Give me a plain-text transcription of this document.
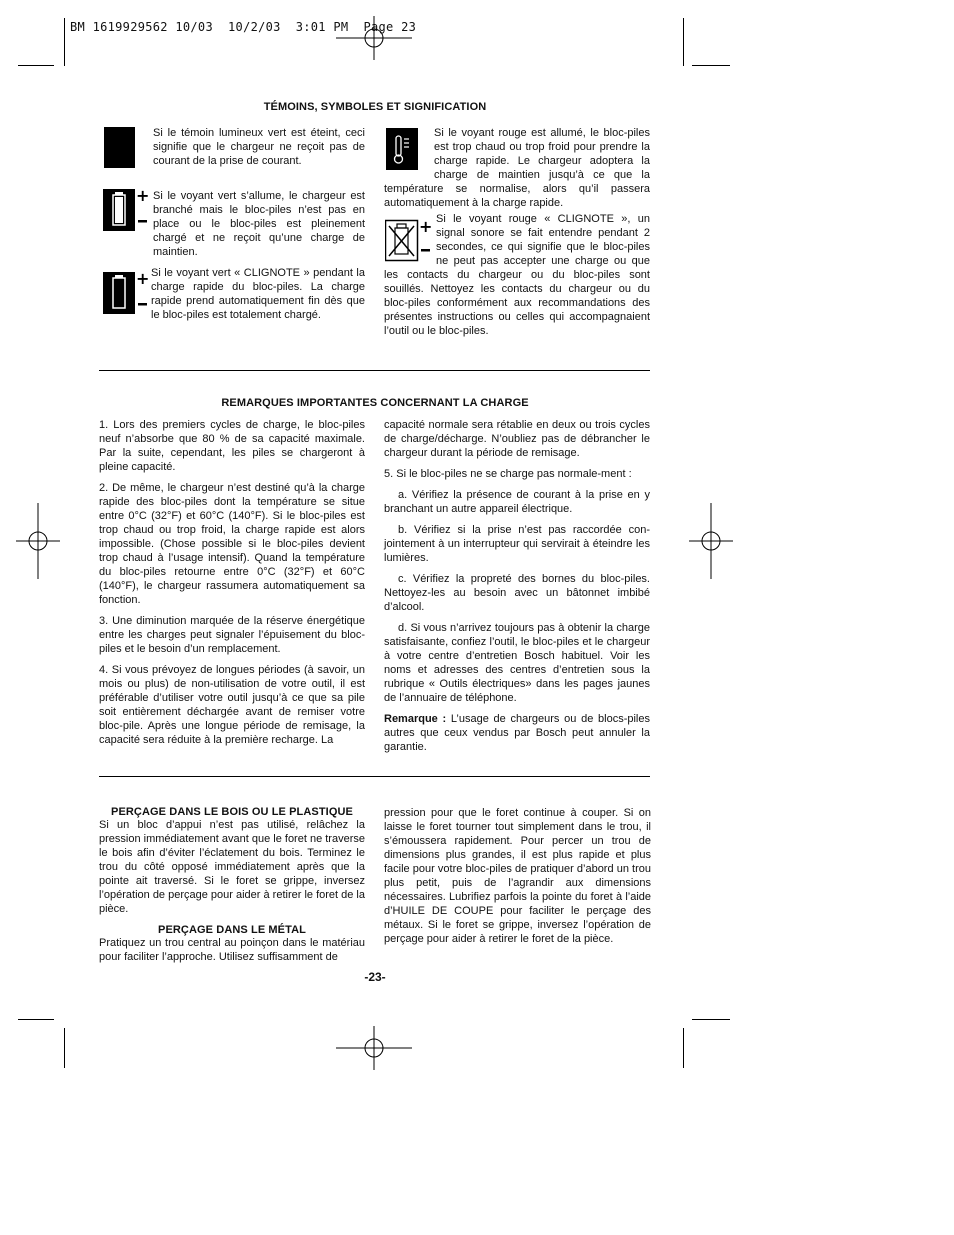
BM 1619929562 10/03  10/2/03  3:01 PM  Page 23
TÉMOINS, SYMBOLES ET SIGNIFICATION
+
+
+

Si le témoin lumineux vert est éteint, ceci signifie que le chargeur ne reçoit pas de courant de la prise de courant.

Si le voyant vert s’allume, le chargeur est branché mais le bloc-piles n’est pas en place ou le bloc-piles est pleinement chargé et ne reçoit qu’une charge de maintien.

Si le voyant vert « CLIGNOTE » pendant la charge rapide du bloc-piles. La charge rapide prend automatiquement fin dès que le bloc-piles est totalement chargé.

Si le voyant rouge est allumé, le bloc-piles est trop chaud ou trop froid pour prendre la charge rapide. Le chargeur adoptera la charge de maintien jusqu’à ce que la température se normalise, alors qu’il passera automatiquement à la charge rapide.

Si le voyant rouge « CLIGNOTE », un signal sonore se fait entendre pendant 2 secondes, ce qui signifie que le bloc-piles ne peut pas accepter une charge ou que les contacts du chargeur ou du bloc-piles sont souillés. Nettoyez les contacts du chargeur ou du bloc-piles conformément aux recommandations des présentes instructions ou celles qui accompagnaient l’outil ou le bloc-piles.

REMARQUES IMPORTANTES CONCERNANT LA CHARGE

1. Lors des premiers cycles de charge, le bloc-piles neuf n’absorbe que 80 % de sa capacité maximale. Par la suite, cependant, les piles se chargeront à pleine capacité.

2. De même, le chargeur n’est destiné qu’à la charge rapide des bloc-piles dont la température se situe entre 0°C (32°F) et 60°C (140°F). Si le bloc-piles est trop chaud ou trop froid, la charge rapide est alors impossible. (Chose possible si le bloc-piles devient trop chaud à l’usage intensif). Quand la température du bloc-piles retourne entre 0°C (32°F) et 60°C (140°F), le chargeur rassumera automatiquement sa fonction.

3. Une diminution marquée de la réserve énergétique entre les charges peut signaler l’épuisement du bloc-piles et le besoin d’un remplacement.

4. Si vous prévoyez de longues périodes (à savoir, un mois ou plus) de non-utilisation de votre outil, il est préférable d’utiliser votre outil jusqu’à ce que sa pile soit entièrement déchargée avant de remiser votre bloc-pile. Après une longue période de remisage, la capacité sera réduite à la première recharge. La

capacité normale sera rétablie en deux ou trois cycles de charge/décharge. N’oubliez pas de débrancher le chargeur durant la période de remisage.

5. Si le bloc-piles ne se charge pas normale-ment :

a. Vérifiez la présence de courant à la prise en y branchant un autre appareil électrique.

b. Vérifiez si la prise n’est pas raccordée con-jointement à un interrupteur qui servirait à éteindre les lumières.

c. Vérifiez la propreté des bornes du bloc-piles. Nettoyez-les au besoin avec un bâtonnet imbibé d’alcool.

d. Si vous n’arrivez toujours pas à obtenir la charge satisfaisante, confiez l’outil, le bloc-piles et le chargeur à votre centre d’entretien Bosch habituel. Voir les noms et adresses des centres d’entretien sous la rubrique « Outils électriques» dans les pages jaunes de l’annuaire de téléphone.

Remarque : L’usage de chargeurs ou de blocs-piles autres que ceux vendus par Bosch peut annuler la garantie.

PERÇAGE DANS LE BOIS OU LE PLASTIQUE

Si un bloc d’appui n’est pas utilisé, relâchez la pression immédiatement avant que le foret ne traverse le bois afin d’éviter l’éclatement du bois. Terminez le trou du côté opposé immédiatement après que la pointe ait traversé. Si le foret se grippe, inversez l’opération de perçage pour aider à retirer le foret de la pièce.

PERÇAGE DANS LE MÉTAL

Pratiquez un trou central au poinçon dans le matériau pour faciliter l’approche. Utilisez suffisamment de

pression pour que le foret continue à couper. Si on laisse le foret tourner tout simplement dans le trou, il s’émoussera rapidement. Pour percer un trou de dimensions plus grandes, il est plus rapide et plus facile pour votre bloc-piles de pratiquer d’abord un trou plus petit, puis de l’agrandir aux dimensions nécessaires. Lubrifiez parfois la pointe du foret à l’aide d’HUILE DE COUPE pour faciliter le perçage des métaux. Si le foret se grippe, inversez l’opération de perçage pour aider à retirer le foret de la pièce.

-23-
